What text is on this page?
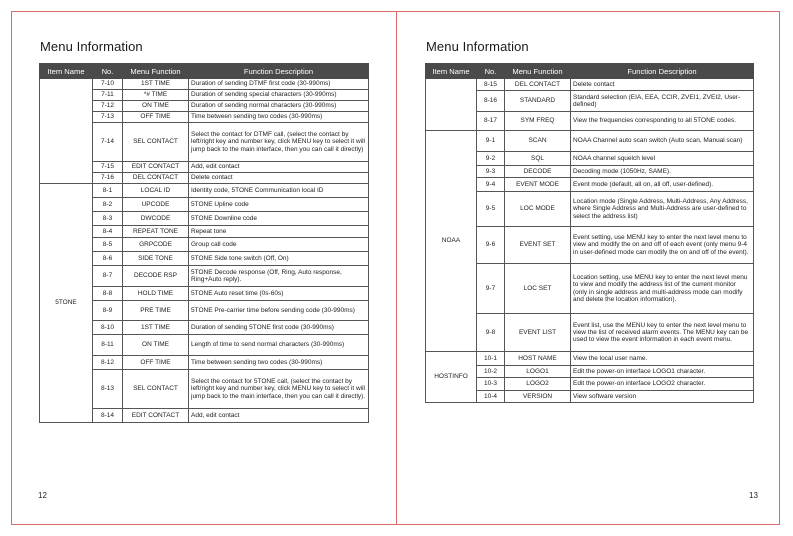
Menu Information
Item Name	No.	Menu Function	Function Description
	7-10	1ST TIME	Duration of sending DTMF first code (30-990ms)
	7-11	*# TIME	Duration of sending special characters (30-990ms)
	7-12	ON TIME	Duration of sending normal characters (30-990ms)
	7-13	OFF TIME	Time between sending two codes (30-990ms)
	7-14	SEL CONTACT	Select the contact for DTMF call, (select the contact by left/right key and number key, click MENU key to select it will jump back to the main interface, then you can call it directly)
	7-15	EDIT CONTACT	Add, edit contact
	7-16	DEL CONTACT	Delete contact
5TONE	8-1	LOCAL ID	Identity code, 5TONE Communication local ID
	8-2	UPCODE	5TONE Upline code
	8-3	DWCODE	5TONE Downline code
	8-4	REPEAT TONE	Repeat tone
	8-5	GRPCODE	Group call code
	8-6	SIDE TONE	5TONE Side tone switch (Off, On)
	8-7	DECODE RSP	5TONE Decode response (Off, Ring, Auto response, Ring+Auto reply).
	8-8	HOLD TIME	5TONE Auto reset time (0s-60s)
	8-9	PRE TIME	5TONE Pre-carrier time before sending code (30-990ms)
	8-10	1ST TIME	Duration of sending 5TONE first code (30-990ms)
	8-11	ON TIME	Length of time to send normal characters (30-990ms)
	8-12	OFF TIME	Time between sending two codes (30-990ms)
	8-13	SEL CONTACT	Select the contact for 5TONE call, (select the contact by left/right key and number key, click MENU key to select it will jump back to the main interface, then you can call it directly).
	8-14	EDIT CONTACT	Add, edit contact
12
Menu Information
Item Name	No.	Menu Function	Function Description
	8-15	DEL CONTACT	Delete contact
	8-16	STANDARD	Standard selection (EIA, EEA, CCIR, ZVEI1, ZVEI2, User-defined)
	8-17	SYM FREQ	View the frequencies corresponding to all 5TONE codes.
NOAA	9-1	SCAN	NOAA Channel auto scan switch (Auto scan, Manual scan)
	9-2	SQL	NOAA channel squelch level
	9-3	DECODE	Decoding mode (1050Hz, SAME).
	9-4	EVENT MODE	Event mode (default, all on, all off, user-defined).
	9-5	LOC MODE	Location mode (Single Address, Multi-Address, Any Address, where Single Address and Multi-Address are user-defined to select the address list)
	9-6	EVENT SET	Event setting, use MENU key to enter the next level menu to view and modify the on and off of each event (only menu 9-4 in user-defined mode can modify the on and off of the event).
	9-7	LOC SET	Location setting, use MENU key to enter the next level menu to view and modify the address list of the current monitor (only in single address and multi-address mode can modify and delete the location information).
	9-8	EVENT LIST	Event list, use the MENU key to enter the next level menu to view the list of received alarm events. The MENU key can be used to view the event information in each event menu.
HOSTINFO	10-1	HOST NAME	View the local user name.
	10-2	LOGO1	Edit the power-on interface LOGO1 character.
	10-3	LOGO2	Edit the power-on interface LOGO2 character.
	10-4	VERSION	View software version
13
